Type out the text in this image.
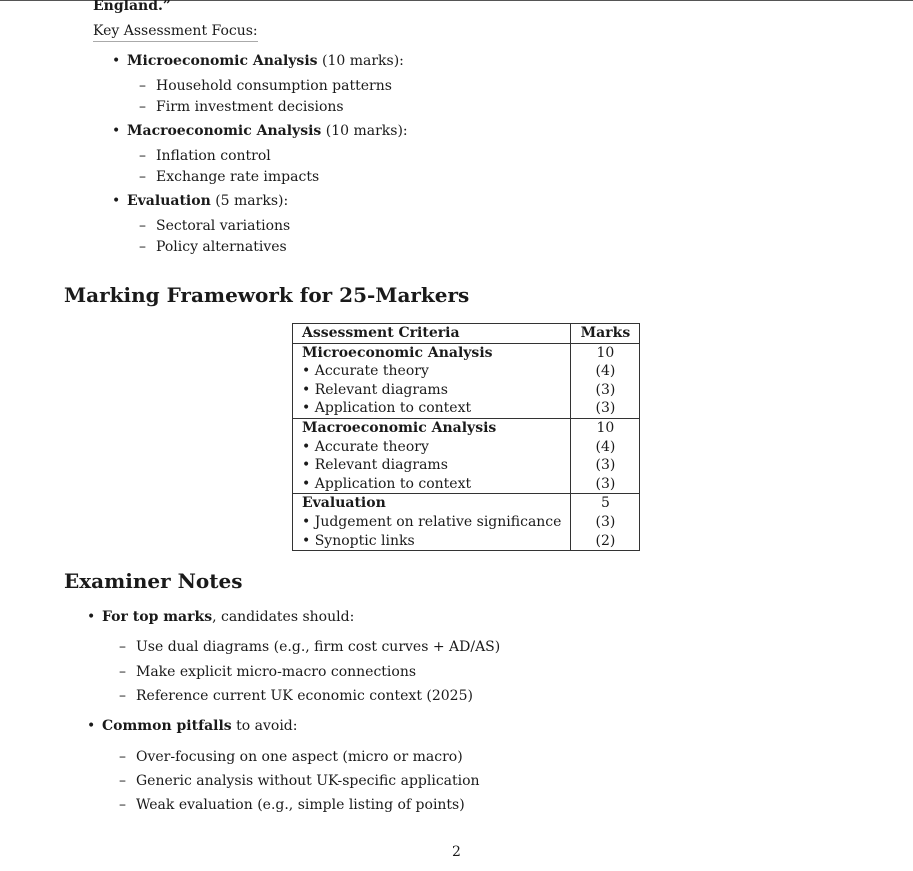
England.”
Key Assessment Focus:
• Microeconomic Analysis (10 marks):
– Household consumption patterns
– Firm investment decisions
• Macroeconomic Analysis (10 marks):
– Inflation control
– Exchange rate impacts
• Evaluation (5 marks):
– Sectoral variations
– Policy alternatives
Marking Framework for 25-Markers
Assessment Criteria	Marks
Microeconomic Analysis	10
• Accurate theory	(4)
• Relevant diagrams	(3)
• Application to context	(3)
Macroeconomic Analysis	10
• Accurate theory	(4)
• Relevant diagrams	(3)
• Application to context	(3)
Evaluation	5
• Judgement on relative significance	(3)
• Synoptic links	(2)
Examiner Notes
• For top marks, candidates should:
– Use dual diagrams (e.g., firm cost curves + AD/AS)
– Make explicit micro-macro connections
– Reference current UK economic context (2025)
• Common pitfalls to avoid:
– Over-focusing on one aspect (micro or macro)
– Generic analysis without UK-specific application
– Weak evaluation (e.g., simple listing of points)
2
